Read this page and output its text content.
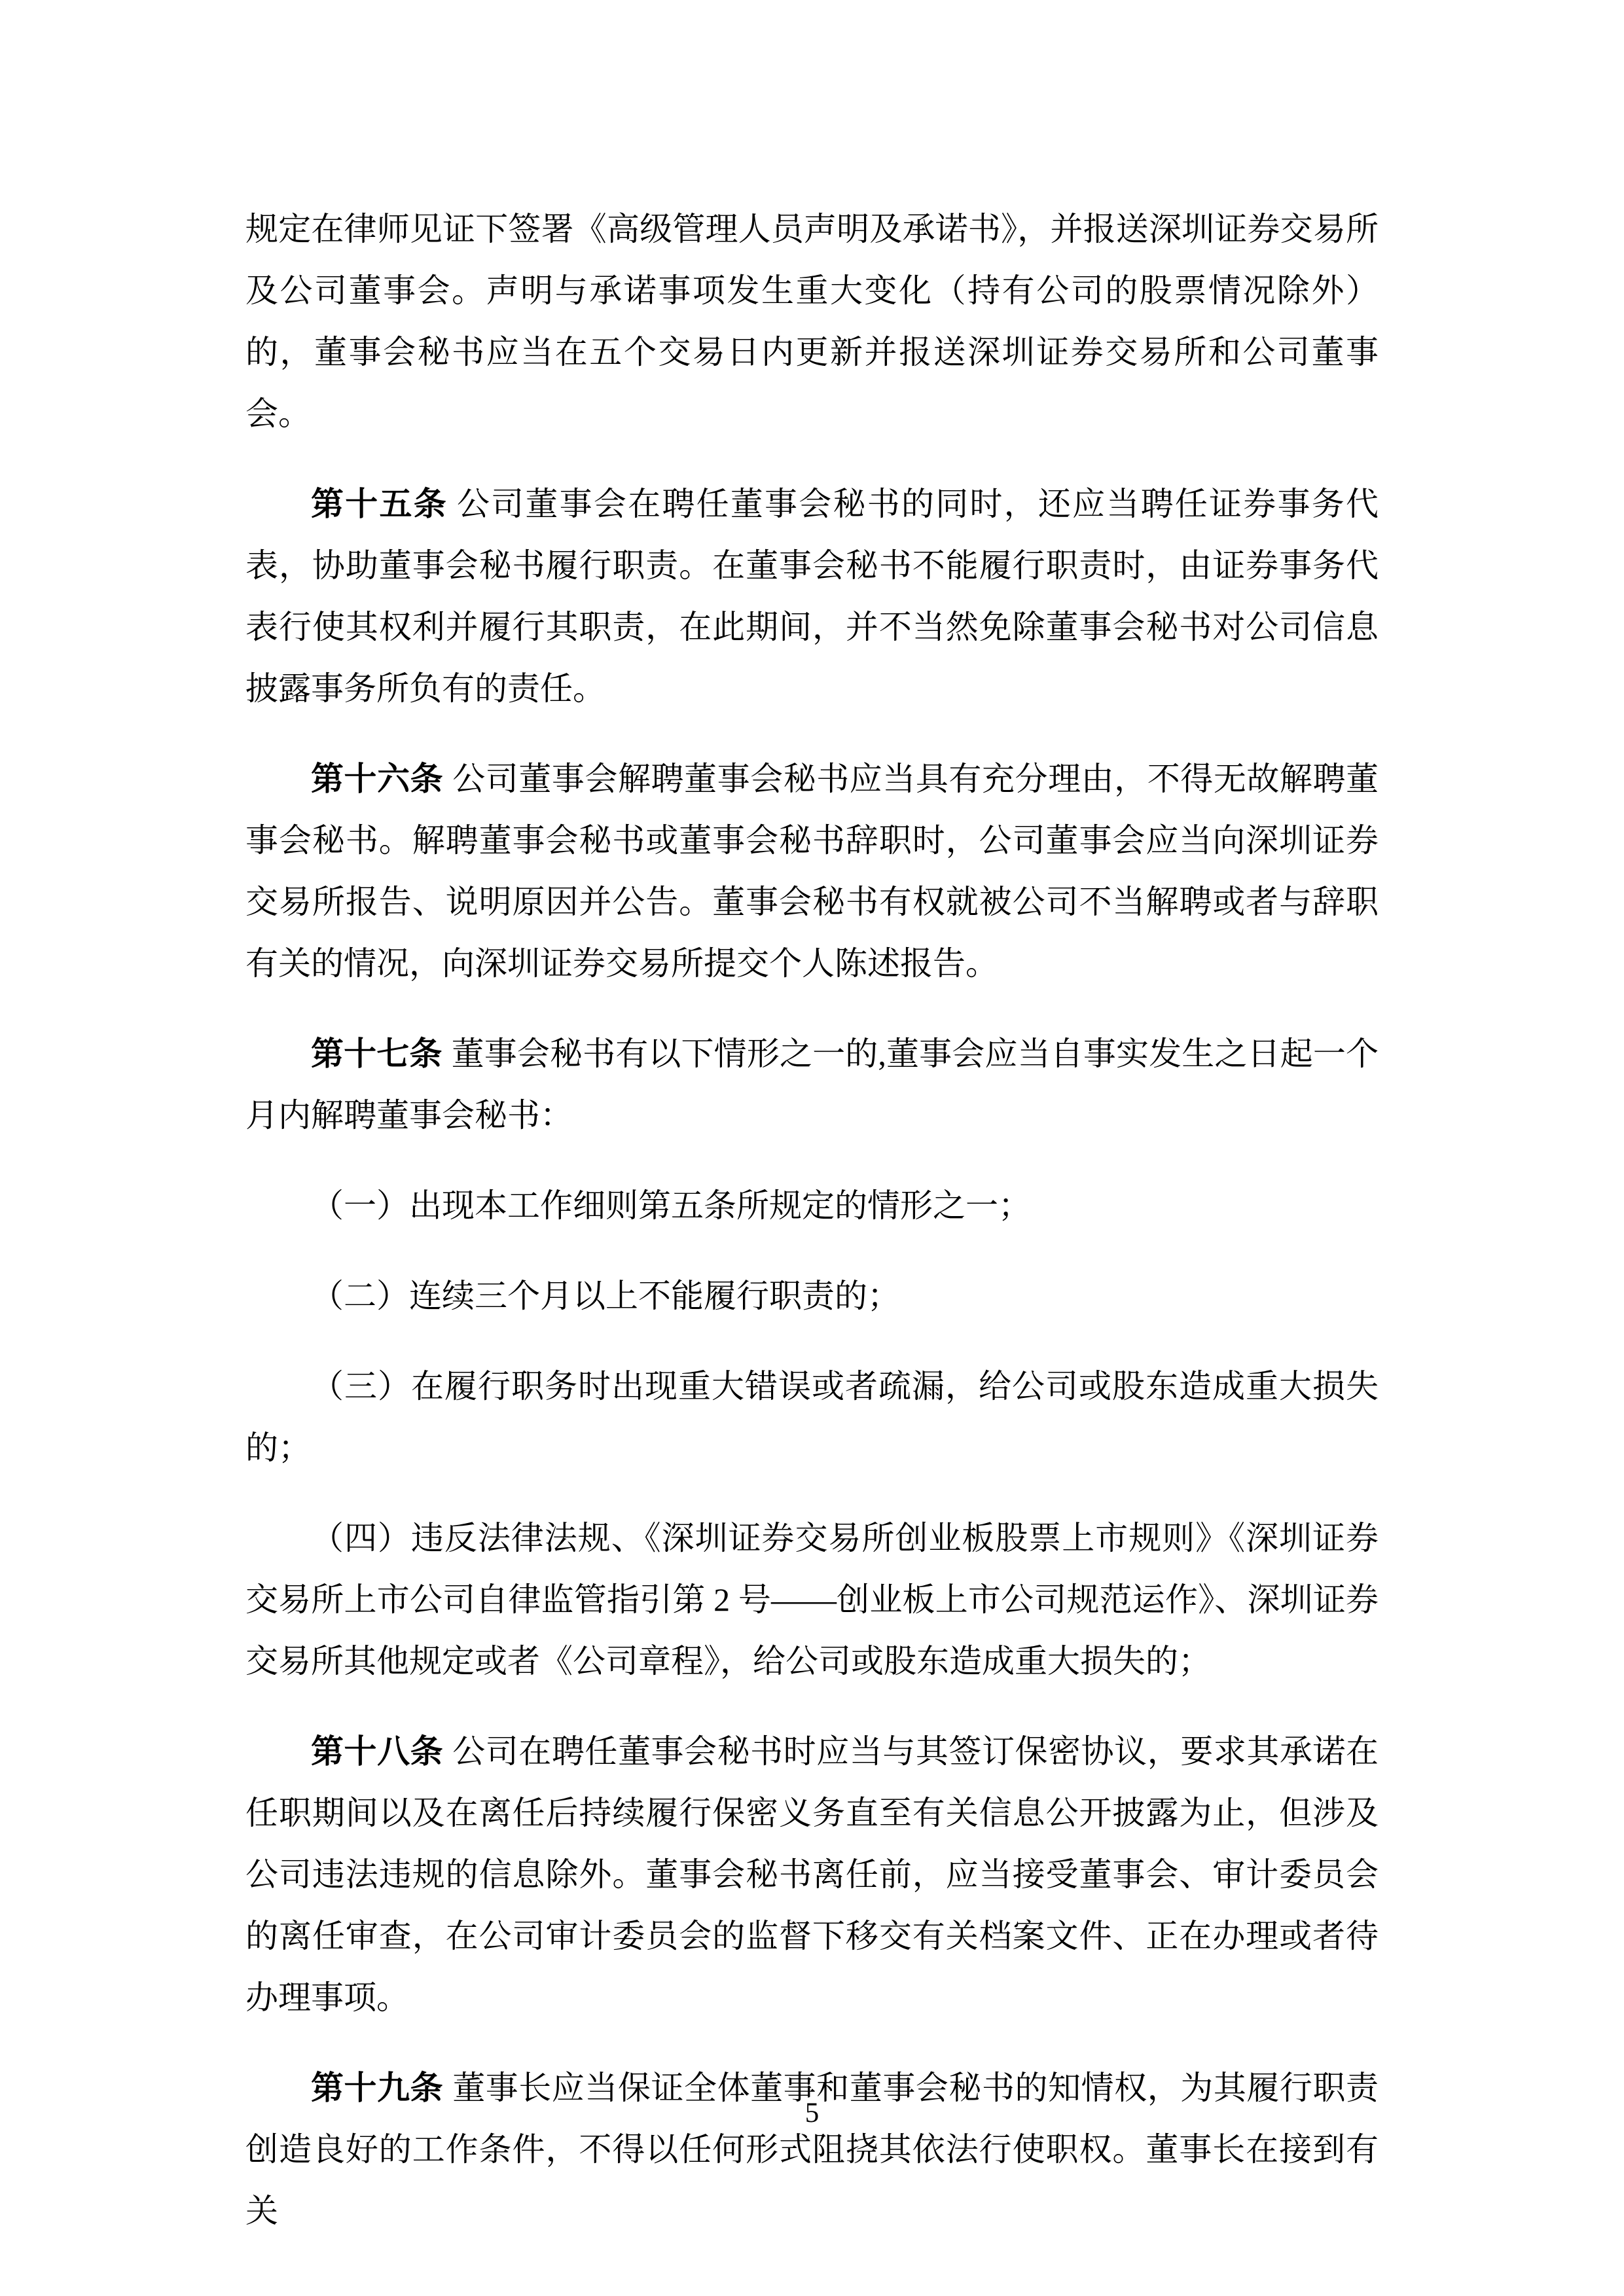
规定在律师见证下签署《高级管理人员声明及承诺书》，并报送深圳证券交易所及公司董事会。声明与承诺事项发生重大变化（持有公司的股票情况除外）的，董事会秘书应当在五个交易日内更新并报送深圳证券交易所和公司董事会。

第十五条 公司董事会在聘任董事会秘书的同时，还应当聘任证券事务代表，协助董事会秘书履行职责。在董事会秘书不能履行职责时，由证券事务代表行使其权利并履行其职责，在此期间，并不当然免除董事会秘书对公司信息披露事务所负有的责任。

第十六条 公司董事会解聘董事会秘书应当具有充分理由，不得无故解聘董事会秘书。解聘董事会秘书或董事会秘书辞职时，公司董事会应当向深圳证券交易所报告、说明原因并公告。董事会秘书有权就被公司不当解聘或者与辞职有关的情况，向深圳证券交易所提交个人陈述报告。

第十七条 董事会秘书有以下情形之一的,董事会应当自事实发生之日起一个月内解聘董事会秘书：

（一）出现本工作细则第五条所规定的情形之一；

（二）连续三个月以上不能履行职责的；

（三）在履行职务时出现重大错误或者疏漏，给公司或股东造成重大损失的；

（四）违反法律法规、《深圳证券交易所创业板股票上市规则》《深圳证券交易所上市公司自律监管指引第 2 号——创业板上市公司规范运作》、深圳证券交易所其他规定或者《公司章程》，给公司或股东造成重大损失的；

第十八条 公司在聘任董事会秘书时应当与其签订保密协议，要求其承诺在任职期间以及在离任后持续履行保密义务直至有关信息公开披露为止，但涉及公司违法违规的信息除外。董事会秘书离任前，应当接受董事会、审计委员会的离任审查，在公司审计委员会的监督下移交有关档案文件、正在办理或者待办理事项。

第十九条 董事长应当保证全体董事和董事会秘书的知情权，为其履行职责创造良好的工作条件，不得以任何形式阻挠其依法行使职权。董事长在接到有关

5
